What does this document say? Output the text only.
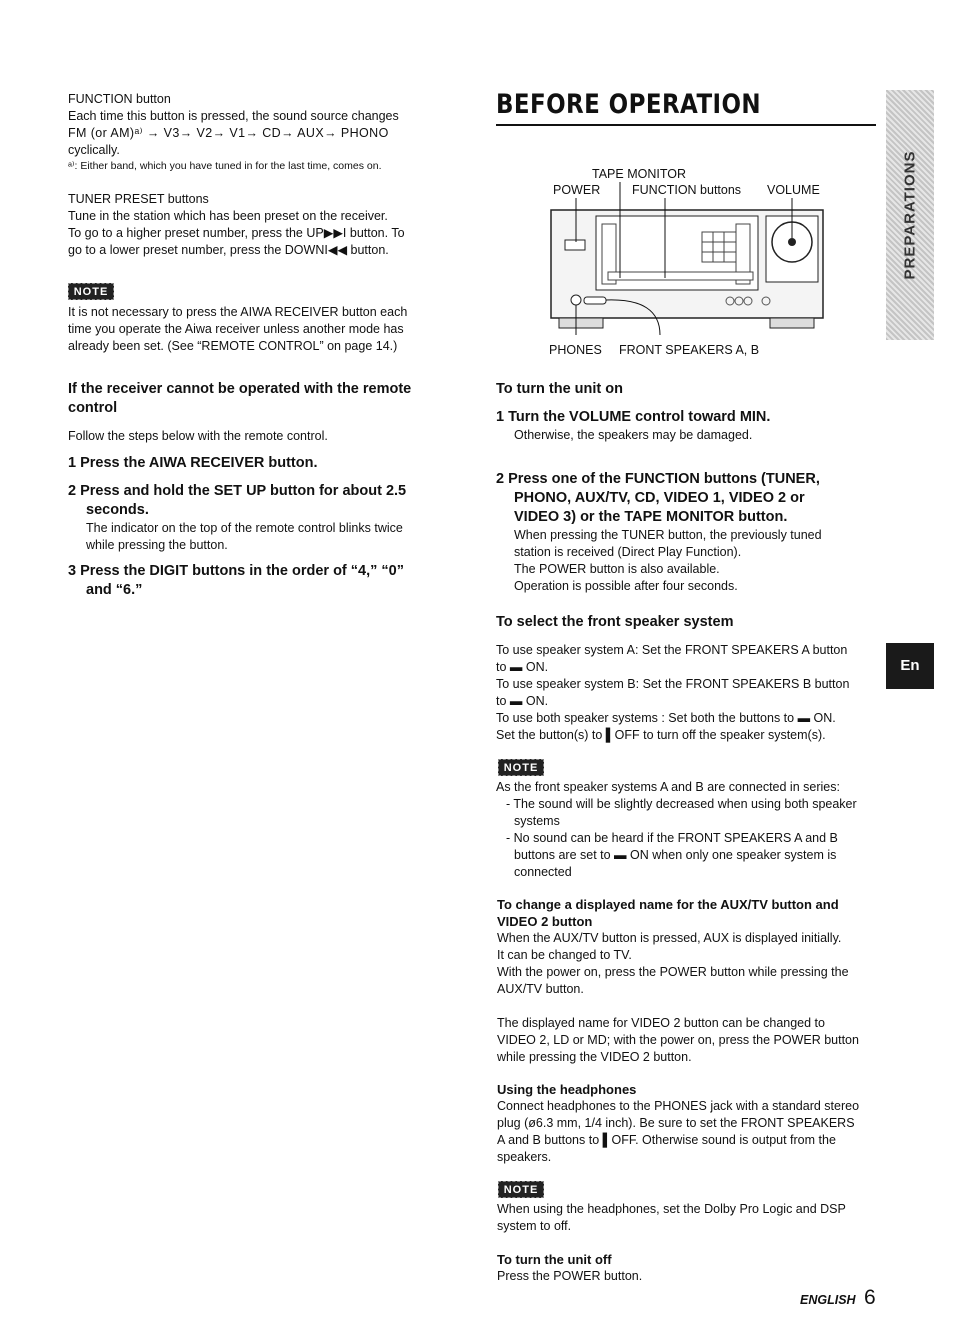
FUNCTION button

Each time this button is pressed, the sound source changes

FM (or AM)ᵃ⁾ → V3→ V2→ V1→ CD→ AUX→ PHONO

cyclically.

ᵃ⁾: Either band, which you have tuned in for the last time, comes on.

TUNER PRESET buttons

Tune in the station which has been preset on the receiver.

To go to a higher preset number, press the UP▶▶I button. To

go to a lower preset number, press the DOWNI◀◀ button.

NOTE

It is not necessary to press the AIWA RECEIVER button each

time you operate the Aiwa receiver unless another mode has

already been set. (See “REMOTE CONTROL” on page 14.)

If the receiver cannot be operated with the remote

control

Follow the steps below with the remote control.

1 Press the AIWA RECEIVER button.

2 Press and hold the SET UP button for about 2.5

seconds.

The indicator on the top of the remote control blinks twice

while pressing the button.

3 Press the DIGIT buttons in the order of “4,” “0”

and “6.”

BEFORE OPERATION
TAPE MONITOR
POWER	FUNCTION buttons VOLUME
PHONES FRONT SPEAKERS A, B

To turn the unit on

1 Turn the VOLUME control toward MIN.

Otherwise, the speakers may be damaged.

2 Press one of the FUNCTION buttons (TUNER,

PHONO, AUX/TV, CD, VIDEO 1, VIDEO 2 or

VIDEO 3) or the TAPE MONITOR button.

When pressing the TUNER button, the previously tuned

station is received (Direct Play Function).

The POWER button is also available.

Operation is possible after four seconds.

To select the front speaker system

To use speaker system A: Set the FRONT SPEAKERS A button

to ▬ ON.

To use speaker system B: Set the FRONT SPEAKERS B button

to ▬ ON.

To use both speaker systems : Set both the buttons to ▬ ON.

Set the button(s) to ▌OFF to turn off the speaker system(s).

NOTE

As the front speaker systems A and B are connected in series:

- The sound will be slightly decreased when using both speaker

systems

- No sound can be heard if the FRONT SPEAKERS A and B

buttons are set to ▬ ON when only one speaker system is

connected

To change a displayed name for the AUX/TV button and

VIDEO 2 button

When the AUX/TV button is pressed, AUX is displayed initially.

It can be changed to TV.

With the power on, press the POWER button while pressing the

AUX/TV button.

The displayed name for VIDEO 2 button can be changed to

VIDEO 2, LD or MD; with the power on, press the POWER button

while pressing the VIDEO 2 button.

Using the headphones

Connect headphones to the PHONES jack with a standard stereo

plug (ø6.3 mm, 1/4 inch). Be sure to set the FRONT SPEAKERS

A and B buttons to ▌OFF. Otherwise sound is output from the

speakers.

NOTE

When using the headphones, set the Dolby Pro Logic and DSP

system to off.

To turn the unit off

Press the POWER button.

PREPARATIONS
En
ENGLISH 6
